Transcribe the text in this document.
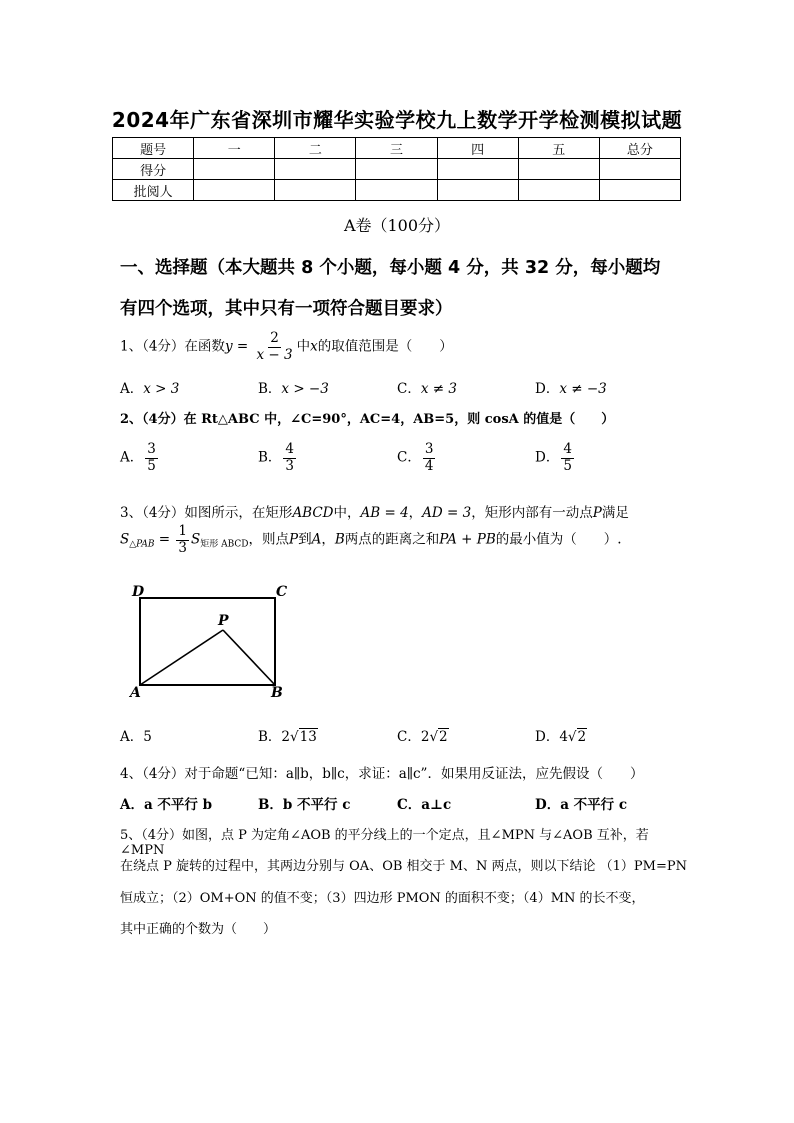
2024年广东省深圳市耀华实验学校九上数学开学检测模拟试题
题号	一	二	三	四	五	总分
得分						
批阅人						
A卷（100分）
一、选择题（本大题共 8 个小题，每小题 4 分，共 32 分，每小题均
有四个选项，其中只有一项符合题目要求）
1、（4分）在函数$y = \frac{2}{x - 3}$ 中x的取值范围是（　　）
A．x > 3	B．x > −3	C．x ≠ 3	D．x ≠ −3
2、（4分）在 Rt△ABC 中，∠C=90°，AC=4，AB=5，则 cosA 的值是（　　）
A． $\frac{3}{5}$	B． $\frac{4}{3}$	C． $\frac{3}{4}$	D． $\frac{4}{5}$
3、（4分）如图所示，在矩形ABCD中，AB = 4，AD = 3，矩形内部有一动点P满足
$S_{\triangle PAB} = \frac{1}{3} S_{矩形 ABCD}$，则点P到A，B两点的距离之和PA + PB的最小值为（　　）.
D	C
P
A	B
A．5	B．2√13	C．2√2	D．4√2
4、（4分）对于命题“已知：a∥b，b∥c，求证：a∥c”．如果用反证法，应先假设（　　）
A．a 不平行 b	B．b 不平行 c	C．a⊥c	D．a 不平行 c
5、（4分）如图，点 P 为定角∠AOB 的平分线上的一个定点，且∠MPN 与∠AOB 互补，若∠MPN
在绕点 P 旋转的过程中，其两边分别与 OA、OB 相交于 M、N 两点，则以下结论 （1）PM=PN
恒成立；（2）OM+ON 的值不变；（3）四边形 PMON 的面积不变；（4）MN 的长不变，
其中正确的个数为（　　）
